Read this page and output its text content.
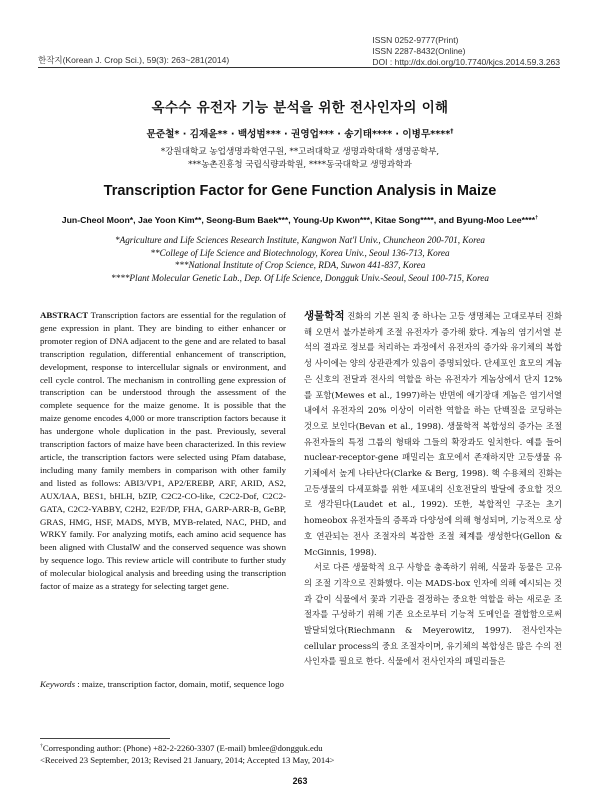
한작지(Korean J. Crop Sci.), 59(3): 263~281(2014)
ISSN 0252-9777(Print)
ISSN 2287-8432(Online)
DOI : http://dx.doi.org/10.7740/kjcs.2014.59.3.263
옥수수 유전자 기능 분석을 위한 전사인자의 이해
문준철* · 김재윤** · 백성범*** · 권영업*** · 송기태**** · 이병무****†
*강원대학교 농업생명과학연구원, **고려대학교 생명과학대학 생명공학부,
***농촌진흥청 국립식량과학원, ****동국대학교 생명과학과
Transcription Factor for Gene Function Analysis in Maize
Jun-Cheol Moon*, Jae Yoon Kim**, Seong-Bum Baek***, Young-Up Kwon***, Kitae Song****, and Byung-Moo Lee****†
*Agriculture and Life Sciences Research Institute, Kangwon Nat'l Univ., Chuncheon 200-701, Korea
**College of Life Science and Biotechnology, Korea Univ., Seoul 136-713, Korea
***National Institute of Crop Science, RDA, Suwon 441-837, Korea
****Plant Molecular Genetic Lab., Dep. Of Life Science, Dongguk Univ.-Seoul, Seoul 100-715, Korea
ABSTRACT Transcription factors are essential for the regulation of gene expression in plant. They are binding to either enhancer or promoter region of DNA adjacent to the gene and are related to basal transcription regulation, differential enhancement of transcription, development, response to intercellular signals or environment, and cell cycle control. The mechanism in controlling gene expression of transcription can be understood through the assessment of the complete sequence for the maize genome. It is possible that the maize genome encodes 4,000 or more transcription factors because it has undergone whole duplication in the past. Previously, several transcription factors of maize have been characterized. In this review article, the transcription factors were selected using Pfam database, including many family members in comparison with other family and listed as follows: ABI3/VP1, AP2/EREBP, ARF, ARID, AS2, AUX/IAA, BES1, bHLH, bZIP, C2C2-CO-like, C2C2-Dof, C2C2-GATA, C2C2-YABBY, C2H2, E2F/DP, FHA, GARP-ARR-B, GeBP, GRAS, HMG, HSF, MADS, MYB, MYB-related, NAC, PHD, and WRKY family. For analyzing motifs, each amino acid sequence has been aligned with ClustalW and the conserved sequence was shown by sequence logo. This review article will contribute to further study of molecular biological analysis and breeding using the transcription factor of maize as a strategy for selecting target gene.
Keywords : maize, transcription factor, domain, motif, sequence logo

생물학적 진화의 기본 원칙 중 하나는 고등 생명체는 고대로부터 진화해 오면서 불가분하게 조절 유전자가 증가해 왔다. 게놈의 염기서열 분석의 결과로 정보를 처리하는 과정에서 유전자의 증가와 유기체의 복합성 사이에는 양의 상관관계가 있음이 증명되었다. 단세포인 효모의 게놈은 신호의 전달과 전사의 역할을 하는 유전자가 게놈상에서 단지 12%를 포함(Mewes et al., 1997)하는 반면에 애기장대 게놈은 염기서열 내에서 유전자의 20% 이상이 이러한 역할을 하는 단백질을 코딩하는 것으로 보인다(Bevan et al., 1998). 생물학적 복합성의 증가는 조절 유전자들의 특정 그룹의 형태와 그들의 확장과도 일치한다. 예를 들어 nuclear-receptor-gene 패밀리는 효모에서 존재하지만 고등생물 유기체에서 높게 나타난다(Clarke & Berg, 1998). 핵 수용체의 진화는 고등생물의 다세포화를 위한 세포내의 신호전달의 발달에 중요할 것으로 생각된다(Laudet et al., 1992). 또한, 복합적인 구조는 초기 homeobox 유전자들의 증폭과 다양성에 의해 형성되며, 기능적으로 상호 연관되는 전사 조절자의 복잡한 조절 체계를 생성한다(Gellon & McGinnis, 1998).

서로 다른 생물학적 요구 사항을 충족하기 위해, 식물과 동물은 고유의 조절 기작으로 진화했다. 이는 MADS-box 인자에 의해 예시되는 것과 같이 식물에서 꽃과 기관을 결정하는 중요한 역할을 하는 새로운 조절자를 구성하기 위해 기존 요소로부터 기능적 도메인을 결합함으로써 발달되었다(Riechmann & Meyerowitz, 1997). 전사인자는 cellular process의 중요 조절자이며, 유기체의 복합성은 많은 수의 전사인자를 필요로 한다. 식물에서 전사인자의 패밀리들은

†Corresponding author: (Phone) +82-2-2260-3307 (E-mail) bmlee@dongguk.edu
<Received 23 September, 2013; Revised 21 January, 2014; Accepted 13 May, 2014>
263
